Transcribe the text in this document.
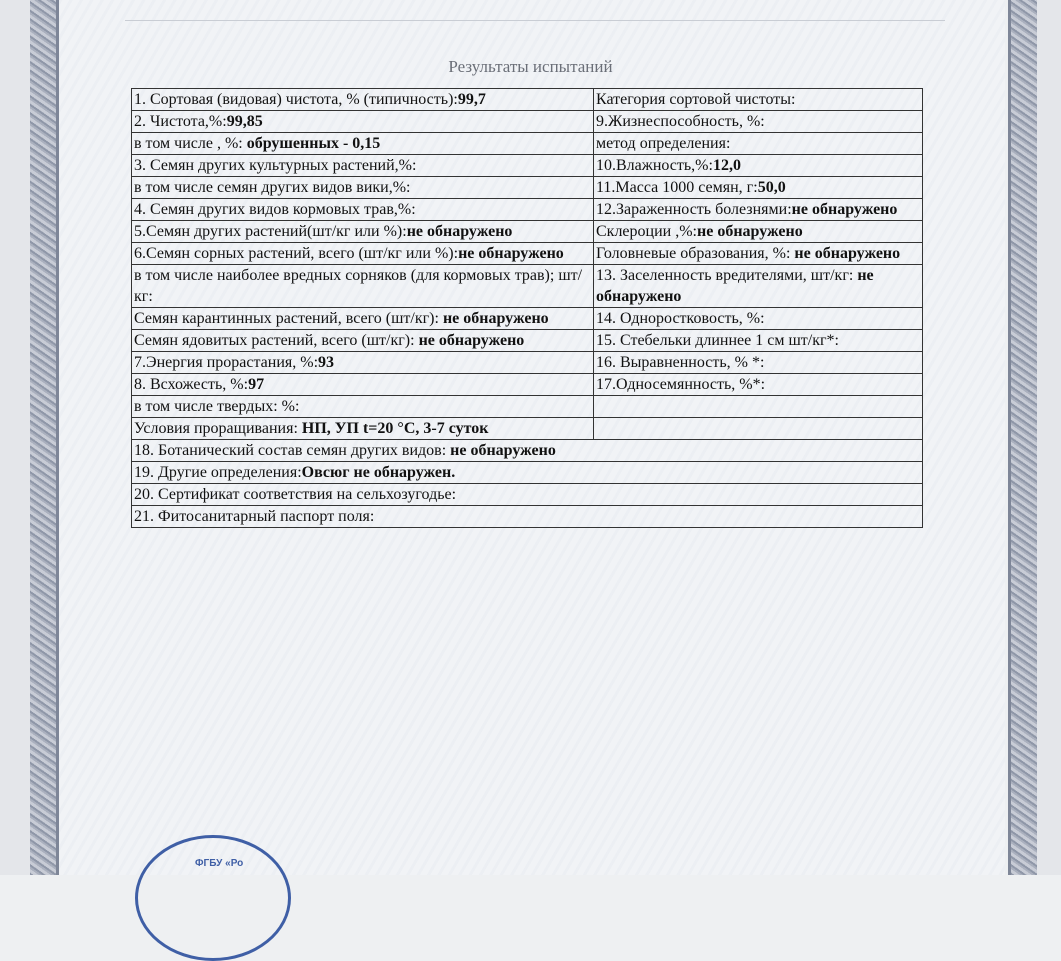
Результаты испытаний
1. Сортовая (видовая) чистота, % (типичность):99,7	Категория сортовой чистоты:
2. Чистота,%:99,85	9.Жизнеспособность, %:
в том числе , %: обрушенных - 0,15	метод определения:
3. Семян других культурных растений,%:	10.Влажность,%:12,0
в том числе семян других видов вики,%:	11.Масса 1000 семян, г:50,0
4. Семян других видов кормовых трав,%:	12.Зараженность болезнями:не обнаружено
5.Семян других растений(шт/кг или %):не обнаружено	Склероции ,%:не обнаружено
6.Семян сорных растений, всего (шт/кг или %):не обнаружено	Головневые образования, %: не обнаружено
в том числе наиболее вредных сорняков (для кормовых трав); шт/кг:	13. Заселенность вредителями, шт/кг: не обнаружено
Семян карантинных растений, всего (шт/кг): не обнаружено	14. Одноростковость, %:
Семян ядовитых растений, всего (шт/кг): не обнаружено	15. Стебельки длиннее 1 см шт/кг*:
7.Энергия прорастания, %:93	16. Выравненность, % *:
8. Всхожесть, %:97	17.Односемянность, %*:
в том числе твердых: %:	
Условия проращивания: НП, УП t=20 °С, 3-7 суток	
18. Ботанический состав семян других видов: не обнаружено	
19. Другие определения:Овсюг не обнаружен.	
20. Сертификат соответствия на сельхозугодье:	
21. Фитосанитарный паспорт поля:	
ФГБУ «Ро
